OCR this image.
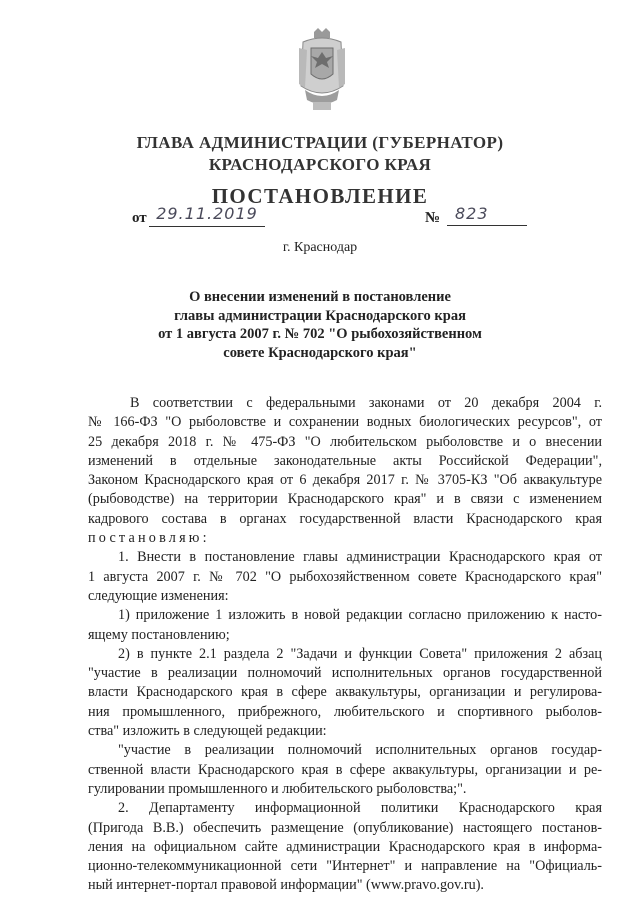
ГЛАВА АДМИНИСТРАЦИИ (ГУБЕРНАТОР)
КРАСНОДАРСКОГО КРАЯ
ПОСТАНОВЛЕНИЕ
от 29.11.2019	№ 823
г. Краснодар
О внесении изменений в постановление
главы администрации Краснодарского края
от 1 августа 2007 г. № 702 "О рыбохозяйственном
совете Краснодарского края"
В соответствии с федеральными законами от 20 декабря 2004 г.
№ 166-ФЗ "О рыболовстве и сохранении водных биологических ресурсов", от
25 декабря 2018 г. № 475-ФЗ "О любительском рыболовстве и о внесении
изменений в отдельные законодательные акты Российской Федерации",
Законом Краснодарского края от 6 декабря 2017 г. № 3705-КЗ "Об аквакультуре
(рыбоводстве) на территории Краснодарского края" и в связи с изменением
кадрового состава в органах государственной власти Краснодарского края
постановляю:
1. Внести в постановление главы администрации Краснодарского края от
1 августа 2007 г. № 702 "О рыбохозяйственном совете Краснодарского края"
следующие изменения:
1) приложение 1 изложить в новой редакции согласно приложению к насто-
ящему постановлению;
2) в пункте 2.1 раздела 2 "Задачи и функции Совета" приложения 2 абзац
"участие в реализации полномочий исполнительных органов государственной
власти Краснодарского края в сфере аквакультуры, организации и регулирова-
ния промышленного, прибрежного, любительского и спортивного рыболов-
ства" изложить в следующей редакции:
"участие в реализации полномочий исполнительных органов государ-
ственной власти Краснодарского края в сфере аквакультуры, организации и ре-
гулировании промышленного и любительского рыболовства;".
2. Департаменту информационной политики Краснодарского края
(Пригода В.В.) обеспечить размещение (опубликование) настоящего постанов-
ления на официальном сайте администрации Краснодарского края в информа-
ционно-телекоммуникационной сети "Интернет" и направление на "Официаль-
ный интернет-портал правовой информации" (www.pravo.gov.ru).
